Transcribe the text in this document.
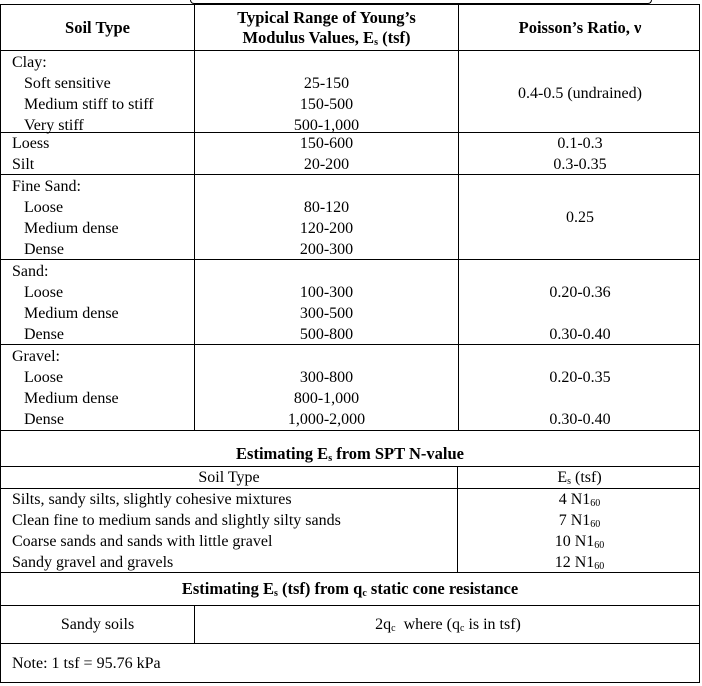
Soil Type
Typical Range of Young’s
Modulus Values, $E_s$ (tsf)
Poisson’s Ratio, ν
Clay:
Soft sensitive
Medium stiff to stiff
Very stiff
25-150
150-500
500-1,000
0.4-0.5 (undrained)
Loess
Silt
150-600
20-200
0.1-0.3
0.3-0.35
Fine Sand:
Loose
Medium dense
Dense
80-120
120-200
200-300
0.25
Sand:
Loose
Medium dense
Dense
100-300
300-500
500-800
0.20-0.36
0.30-0.40
Gravel:
Loose
Medium dense
Dense
300-800
800-1,000
1,000-2,000
0.20-0.35
0.30-0.40
Estimating $E_s$ from SPT N-value
Soil Type	$E_s$ (tsf)
Silts, sandy silts, slightly cohesive mixtures
Clean fine to medium sands and slightly silty sands
Coarse sands and sands with little gravel
Sandy gravel and gravels
4 $N1_{60}$
7 $N1_{60}$
10 $N1_{60}$
12 $N1_{60}$
Estimating $E_s$ (tsf) from $q_c$ static cone resistance
Sandy soils	$2q_c$  where ($q_c$ is in tsf)
Note: 1 tsf = 95.76 kPa
